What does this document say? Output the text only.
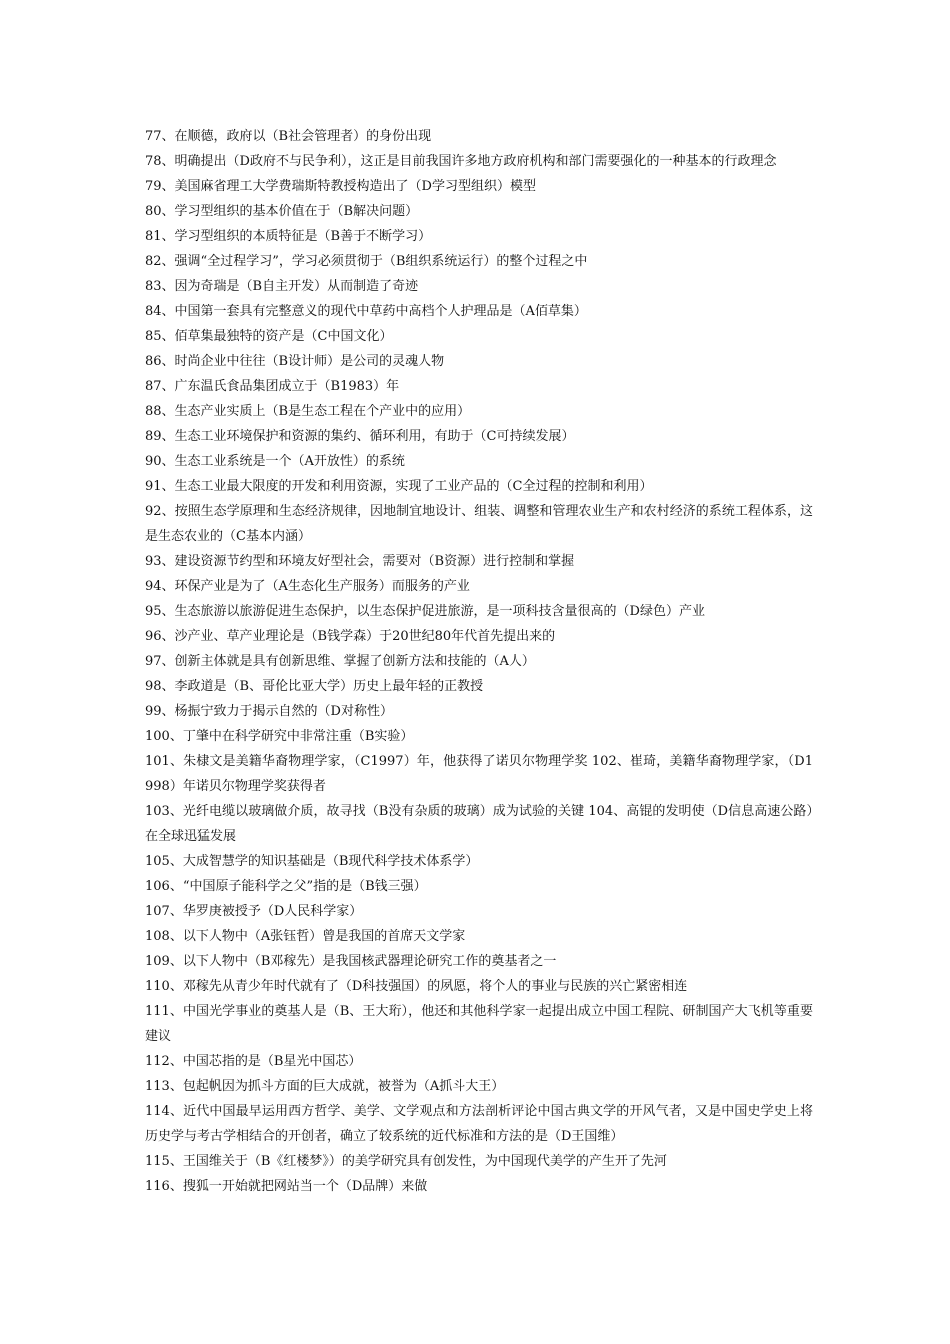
77、在顺德，政府以（B社会管理者）的身份出现

78、明确提出（D政府不与民争利），这正是目前我国许多地方政府机构和部门需要强化的一种基本的行政理念

79、美国麻省理工大学费瑞斯特教授构造出了（D学习型组织）模型

80、学习型组织的基本价值在于（B解决问题）

81、学习型组织的本质特征是（B善于不断学习）

82、强调“全过程学习”，学习必须贯彻于（B组织系统运行）的整个过程之中

83、因为奇瑞是（B自主开发）从而制造了奇迹

84、中国第一套具有完整意义的现代中草药中高档个人护理品是（A佰草集）

85、佰草集最独特的资产是（C中国文化）

86、时尚企业中往往（B设计师）是公司的灵魂人物

87、广东温氏食品集团成立于（B1983）年

88、生态产业实质上（B是生态工程在个产业中的应用）

89、生态工业环境保护和资源的集约、循环利用，有助于（C可持续发展）

90、生态工业系统是一个（A开放性）的系统

91、生态工业最大限度的开发和利用资源，实现了工业产品的（C全过程的控制和利用）

92、按照生态学原理和生态经济规律，因地制宜地设计、组装、调整和管理农业生产和农村经济的系统工程体系，这是生态农业的（C基本内涵）

93、建设资源节约型和环境友好型社会，需要对（B资源）进行控制和掌握

94、环保产业是为了（A生态化生产服务）而服务的产业

95、生态旅游以旅游促进生态保护，以生态保护促进旅游，是一项科技含量很高的（D绿色）产业

96、沙产业、草产业理论是（B钱学森）于20世纪80年代首先提出来的

97、创新主体就是具有创新思维、掌握了创新方法和技能的（A人）

98、李政道是（B、哥伦比亚大学）历史上最年轻的正教授

99、杨振宁致力于揭示自然的（D对称性）

100、丁肇中在科学研究中非常注重（B实验）

101、朱棣文是美籍华裔物理学家，（C1997）年，他获得了诺贝尔物理学奖 102、崔琦，美籍华裔物理学家，（D1998）年诺贝尔物理学奖获得者

103、光纤电缆以玻璃做介质，故寻找（B没有杂质的玻璃）成为试验的关键 104、高锟的发明使（D信息高速公路）在全球迅猛发展

105、大成智慧学的知识基础是（B现代科学技术体系学）

106、“中国原子能科学之父”指的是（B钱三强）

107、华罗庚被授予（D人民科学家）

108、以下人物中（A张钰哲）曾是我国的首席天文学家

109、以下人物中（B邓稼先）是我国核武器理论研究工作的奠基者之一

110、邓稼先从青少年时代就有了（D科技强国）的夙愿，将个人的事业与民族的兴亡紧密相连

111、中国光学事业的奠基人是（B、王大珩），他还和其他科学家一起提出成立中国工程院、研制国产大飞机等重要建议

112、中国芯指的是（B星光中国芯）

113、包起帆因为抓斗方面的巨大成就，被誉为（A抓斗大王）

114、近代中国最早运用西方哲学、美学、文学观点和方法剖析评论中国古典文学的开风气者，又是中国史学史上将历史学与考古学相结合的开创者，确立了较系统的近代标准和方法的是（D王国维）

115、王国维关于（B《红楼梦》）的美学研究具有创发性，为中国现代美学的产生开了先河

116、搜狐一开始就把网站当一个（D品牌）来做
